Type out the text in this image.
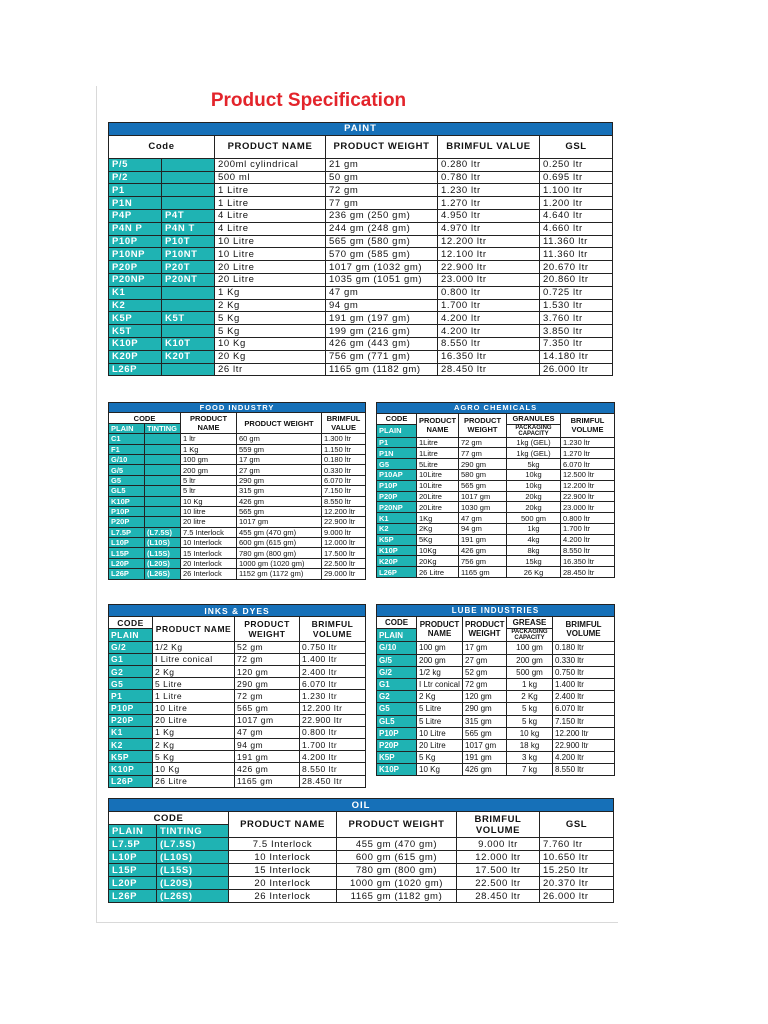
Product Specification
PAINT					
Code		PRODUCT NAME	PRODUCT WEIGHT	BRIMFUL VALUE	GSL
P/5		200ml cylindrical	21 gm	0.280 ltr	0.250 ltr
P/2		500 ml	50 gm	0.780 ltr	0.695 ltr
P1		1 Litre	72 gm	1.230 ltr	1.100 ltr
P1N		1 Litre	77 gm	1.270 ltr	1.200 ltr
P4P	P4T	4 Litre	236 gm (250 gm)	4.950 ltr	4.640 ltr
P4N P	P4N T	4 Litre	244 gm (248 gm)	4.970 ltr	4.660 ltr
P10P	P10T	10 Litre	565 gm (580 gm)	12.200 ltr	11.360 ltr
P10NP	P10NT	10 Litre	570 gm (585 gm)	12.100 ltr	11.360 ltr
P20P	P20T	20 Litre	1017 gm (1032 gm)	22.900 ltr	20.670 ltr
P20NP	P20NT	20 Litre	1035 gm (1051 gm)	23.000 ltr	20.860 ltr
K1		1 Kg	47 gm	0.800 ltr	0.725 ltr
K2		2 Kg	94 gm	1.700 ltr	1.530 ltr
K5P	K5T	5 Kg	191 gm (197 gm)	4.200 ltr	3.760 ltr
K5T		5 Kg	199 gm (216 gm)	4.200 ltr	3.850 ltr
K10P	K10T	10 Kg	426 gm (443 gm)	8.550 ltr	7.350 ltr
K20P	K20T	20 Kg	756 gm (771 gm)	16.350 ltr	14.180 ltr
L26P		26 ltr	1165 gm (1182 gm)	28.450 ltr	26.000 ltr
FOOD INDUSTRY				
CODE		PRODUCT NAME	PRODUCT WEIGHT	BRIMFUL VALUE
PLAIN	TINTING			
C1		1 ltr	60 gm	1.300 ltr
F1		1 Kg	559 gm	1.150 ltr
G/10		100 gm	17 gm	0.180 ltr
G/5		200 gm	27 gm	0.330 ltr
G5		5 ltr	290 gm	6.070 ltr
GL5		5 ltr	315 gm	7.150 ltr
K10P		10 Kg	426 gm	8.550 ltr
P10P		10 litre	565 gm	12.200 ltr
P20P		20 litre	1017 gm	22.900 ltr
L7.5P	(L7.5S)	7.5 Interlock	455 gm (470 gm)	9.000 ltr
L10P	(L10S)	10 Interlock	600 gm (615 gm)	12.000 ltr
L15P	(L15S)	15 Interlock	780 gm (800 gm)	17.500 ltr
L20P	(L20S)	20 Interlock	1000 gm (1020 gm)	22.500 ltr
L26P	(L26S)	26 Interlock	1152 gm (1172 gm)	29.000 ltr
AGRO CHEMICALS				
CODE	PRODUCT NAME	PRODUCT WEIGHT	GRANULES	BRIMFUL VOLUME
PLAIN			PACKAGING CAPACITY	
P1	1Litre	72 gm	1kg (GEL)	1.230 ltr
P1N	1Litre	77 gm	1kg (GEL)	1.270 ltr
G5	5Litre	290 gm	5kg	6.070 ltr
P10AP	10Litre	580 gm	10kg	12.500 ltr
P10P	10Litre	565 gm	10kg	12.200 ltr
P20P	20Litre	1017 gm	20kg	22.900 ltr
P20NP	20Litre	1030 gm	20kg	23.000 ltr
K1	1Kg	47 gm	500 gm	0.800 ltr
K2	2Kg	94 gm	1kg	1.700 ltr
K5P	5Kg	191 gm	4kg	4.200 ltr
K10P	10Kg	426 gm	8kg	8.550 ltr
K20P	20Kg	756 gm	15kg	16.350 ltr
L26P	26 Litre	1165 gm	26 Kg	28.450 ltr
INKS & DYES			
CODE	PRODUCT NAME	PRODUCT WEIGHT	BRIMFUL VOLUME
PLAIN			
G/2	1/2 Kg	52 gm	0.750 ltr
G1	I Litre conical	72 gm	1.400 ltr
G2	2 Kg	120 gm	2.400 ltr
G5	5 Litre	290 gm	6.070 ltr
P1	1 Litre	72 gm	1.230 ltr
P10P	10 Litre	565 gm	12.200 ltr
P20P	20 Litre	1017 gm	22.900 ltr
K1	1 Kg	47 gm	0.800 ltr
K2	2 Kg	94 gm	1.700 ltr
K5P	5 Kg	191 gm	4.200 ltr
K10P	10 Kg	426 gm	8.550 ltr
L26P	26 Litre	1165 gm	28.450 ltr
LUBE INDUSTRIES				
CODE	PRODUCT NAME	PRODUCT WEIGHT	GREASE	BRIMFUL VOLUME
PLAIN			PACKAGING CAPACITY	
G/10	100 gm	17 gm	100 gm	0.180 ltr
G/5	200 gm	27 gm	200 gm	0.330 ltr
G/2	1/2 kg	52 gm	500 gm	0.750 ltr
G1	I Ltr conical	72 gm	1 kg	1.400 ltr
G2	2 Kg	120 gm	2 Kg	2.400 ltr
G5	5 Litre	290 gm	5 kg	6.070 ltr
GL5	5 Litre	315 gm	5 kg	7.150 ltr
P10P	10 Litre	565 gm	10 kg	12.200 ltr
P20P	20 Litre	1017 gm	18 kg	22.900 ltr
K5P	5 Kg	191 gm	3 kg	4.200 ltr
K10P	10 Kg	426 gm	7 kg	8.550 ltr
OIL					
CODE		PRODUCT NAME	PRODUCT WEIGHT	BRIMFUL VOLUME	GSL
PLAIN	TINTING				
L7.5P	(L7.5S)	7.5 Interlock	455 gm (470 gm)	9.000 ltr	7.760 ltr
L10P	(L10S)	10 Interlock	600 gm (615 gm)	12.000 ltr	10.650 ltr
L15P	(L15S)	15 Interlock	780 gm (800 gm)	17.500 ltr	15.250 ltr
L20P	(L20S)	20 Interlock	1000 gm (1020 gm)	22.500 ltr	20.370 ltr
L26P	(L26S)	26 Interlock	1165 gm (1182 gm)	28.450 ltr	26.000 ltr
